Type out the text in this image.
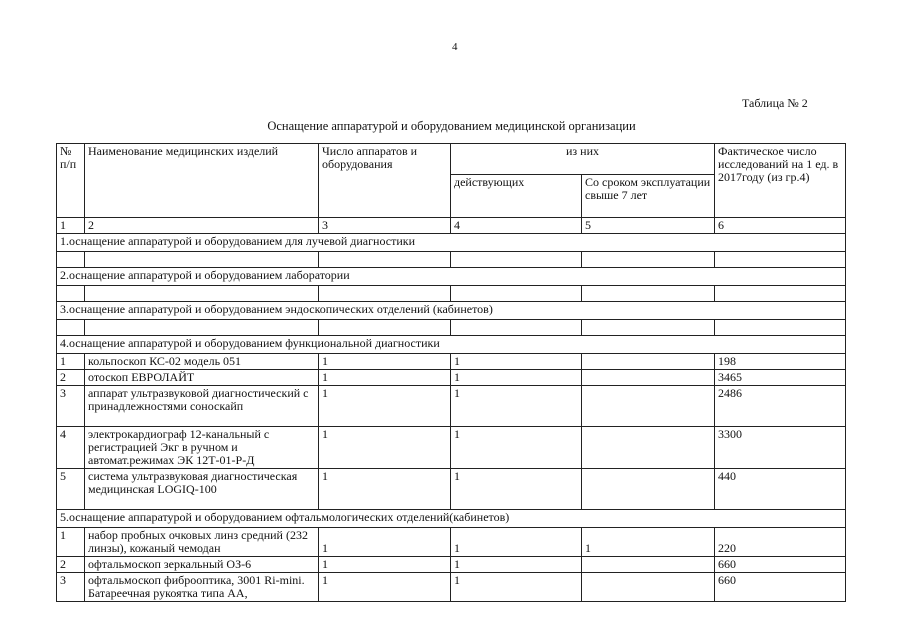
4
Таблица № 2
Оснащение аппаратурой и оборудованием медицинской организации
№ п/п	Наименование медицинских изделий	Число аппаратов и оборудования	из них		Фактическое число исследований на 1 ед. в 2017году (из гр.4)
			действующих	Со сроком эксплуатации свыше 7 лет	
1	2	3	4	5	6
1.оснащение аппаратурой и оборудованием для лучевой диагностики					

2.оснащение аппаратурой и оборудованием лаборатории					

3.оснащение аппаратурой и оборудованием эндоскопических отделений (кабинетов)					

4.оснащение аппаратурой и оборудованием функциональной диагностики					
1	кольпоскоп КС-02 модель 051	1	1		198
2	отоскоп ЕВРОЛАЙТ	1	1		3465
3	аппарат ультразвуковой диагностический с принадлежностями соноскайп	1	1		2486
4	электрокардиограф 12-канальный с регистрацией Экг в ручном и автомат.режимах ЭК 12Т-01-Р-Д	1	1		3300
5	система ультразвуковая диагностическая медицинская LOGIQ-100	1	1		440
5.оснащение аппаратурой и оборудованием офтальмологических отделений(кабинетов)					
1	набор пробных очковых линз средний (232 линзы), кожаный чемодан	1	1	1	220
2	офтальмоскоп зеркальный ОЗ-6	1	1		660
3	офтальмоскоп фиброоптика, 3001 Ri-mini. Батареечная рукоятка типа АА,	1	1		660
